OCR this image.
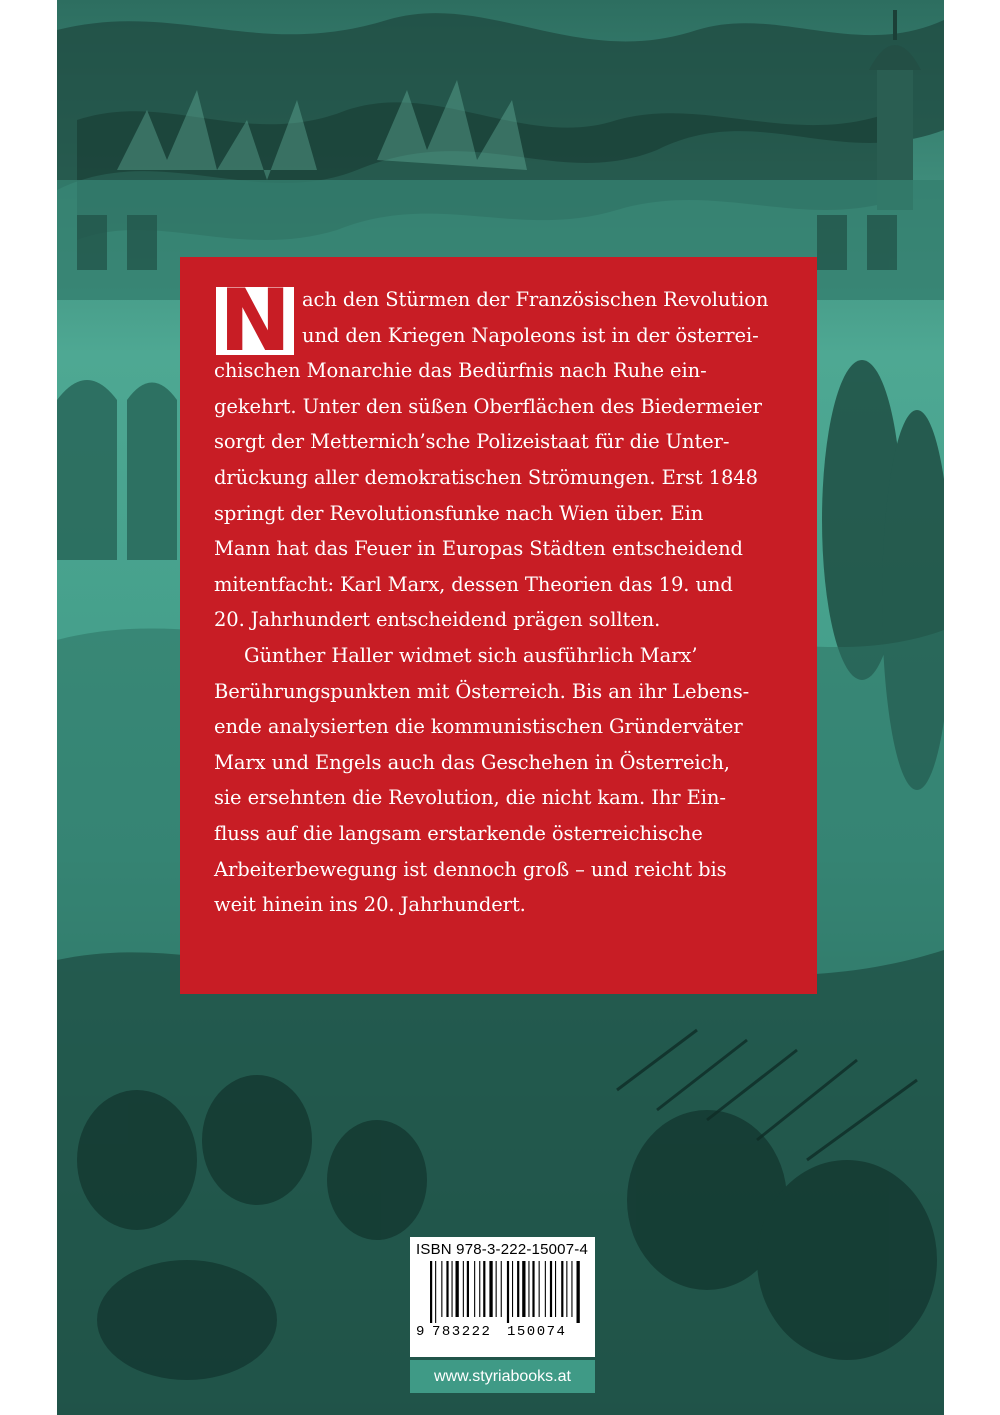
N ach den Stürmen der Französischen Revolution
und den Kriegen Napoleons ist in der österrei-
chischen Monarchie das Bedürfnis nach Ruhe ein-
gekehrt. Unter den süßen Oberflächen des Biedermeier
sorgt der Metternich’sche Polizeistaat für die Unter-
drückung aller demokratischen Strömungen. Erst 1848
springt der Revolutionsfunke nach Wien über. Ein
Mann hat das Feuer in Europas Städten entscheidend
mitentfacht: Karl Marx, dessen Theorien das 19. und
20. Jahrhundert entscheidend prägen sollten.
Günther Haller widmet sich ausführlich Marx’
Berührungspunkten mit Österreich. Bis an ihr Lebens-
ende analysierten die kommunistischen Gründerväter
Marx und Engels auch das Geschehen in Österreich,
sie ersehnten die Revolution, die nicht kam. Ihr Ein-
fluss auf die langsam erstarkende österreichische
Arbeiterbewegung ist dennoch groß – und reicht bis
weit hinein ins 20. Jahrhundert.
ISBN 978-3-222-15007-4
9 783222	150074
www.styriabooks.at
